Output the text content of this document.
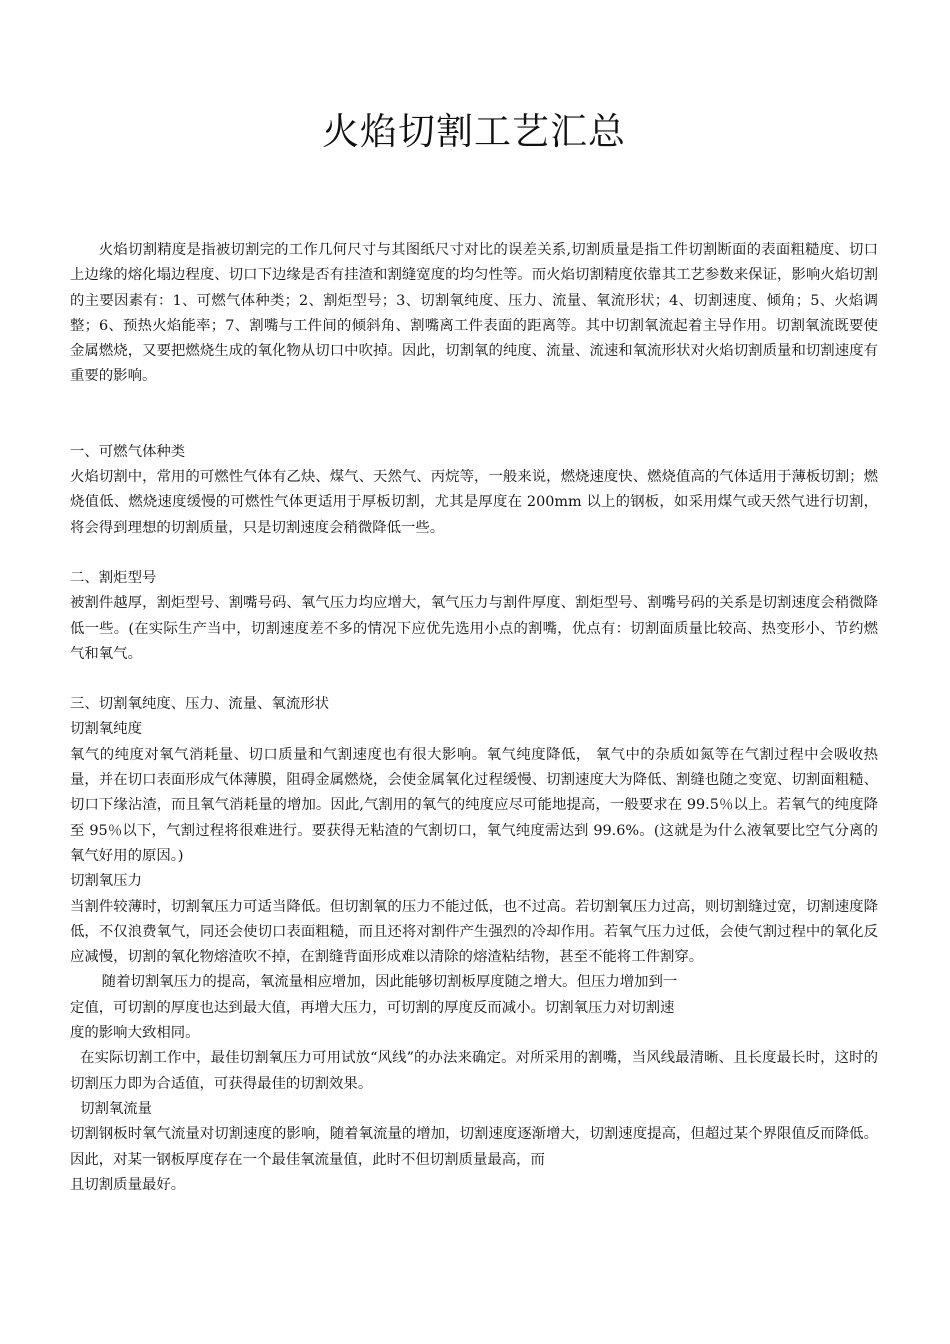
火焰切割工艺汇总

火焰切割精度是指被切割完的工作几何尺寸与其图纸尺寸对比的误差关系,切割质量是指工件切割断面的表面粗糙度、切口上边缘的熔化塌边程度、切口下边缘是否有挂渣和割缝宽度的均匀性等。而火焰切割精度依靠其工艺参数来保证，影响火焰切割的主要因素有：1、可燃气体种类；2、割炬型号；3、切割氧纯度、压力、流量、氧流形状；4、切割速度、倾角；5、火焰调整；6、预热火焰能率；7、割嘴与工件间的倾斜角、割嘴离工件表面的距离等。其中切割氧流起着主导作用。切割氧流既要使金属燃烧，又要把燃烧生成的氧化物从切口中吹掉。因此，切割氧的纯度、流量、流速和氧流形状对火焰切割质量和切割速度有重要的影响。

一、可燃气体种类

火焰切割中，常用的可燃性气体有乙炔、煤气、天然气、丙烷等，一般来说，燃烧速度快、燃烧值高的气体适用于薄板切割；燃烧值低、燃烧速度缓慢的可燃性气体更适用于厚板切割，尤其是厚度在 200mm 以上的钢板，如采用煤气或天然气进行切割，将会得到理想的切割质量，只是切割速度会稍微降低一些。

二、割炬型号

被割件越厚，割炬型号、割嘴号码、氧气压力均应增大，氧气压力与割件厚度、割炬型号、割嘴号码的关系是切割速度会稍微降低一些。(在实际生产当中，切割速度差不多的情况下应优先选用小点的割嘴，优点有：切割面质量比较高、热变形小、节约燃气和氧气。

三、切割氧纯度、压力、流量、氧流形状

切割氧纯度

氧气的纯度对氧气消耗量、切口质量和气割速度也有很大影响。氧气纯度降低， 氧气中的杂质如氮等在气割过程中会吸收热量，并在切口表面形成气体薄膜，阻碍金属燃烧，会使金属氧化过程缓慢、切割速度大为降低、割缝也随之变宽、切割面粗糙、切口下缘沾渣，而且氧气消耗量的增加。因此,气割用的氧气的纯度应尽可能地提高，一般要求在 99.5％以上。若氧气的纯度降至 95％以下，气割过程将很难进行。要获得无粘渣的气割切口，氧气纯度需达到 99.6%。(这就是为什么液氧要比空气分离的氧气好用的原因。)

切割氧压力

当割件较薄时，切割氧压力可适当降低。但切割氧的压力不能过低，也不过高。若切割氧压力过高，则切割缝过宽，切割速度降低，不仅浪费氧气，同还会使切口表面粗糙，而且还将对割件产生强烈的冷却作用。若氧气压力过低，会使气割过程中的氧化反应减慢，切割的氧化物熔渣吹不掉，在割缝背面形成难以清除的熔渣粘结物，甚至不能将工件割穿。

随着切割氧压力的提高，氧流量相应增加，因此能够切割板厚度随之增大。但压力增加到一

定值，可切割的厚度也达到最大值，再增大压力，可切割的厚度反而减小。切割氧压力对切割速

度的影响大致相同。

在实际切割工作中，最佳切割氧压力可用试放“风线”的办法来确定。对所采用的割嘴，当风线最清晰、且长度最长时，这时的切割压力即为合适值，可获得最佳的切割效果。

切割氧流量

切割钢板时氧气流量对切割速度的影响，随着氧流量的增加，切割速度逐渐增大，切割速度提高，但超过某个界限值反而降低。因此，对某一钢板厚度存在一个最佳氧流量值，此时不但切割质量最高，而

且切割质量最好。
